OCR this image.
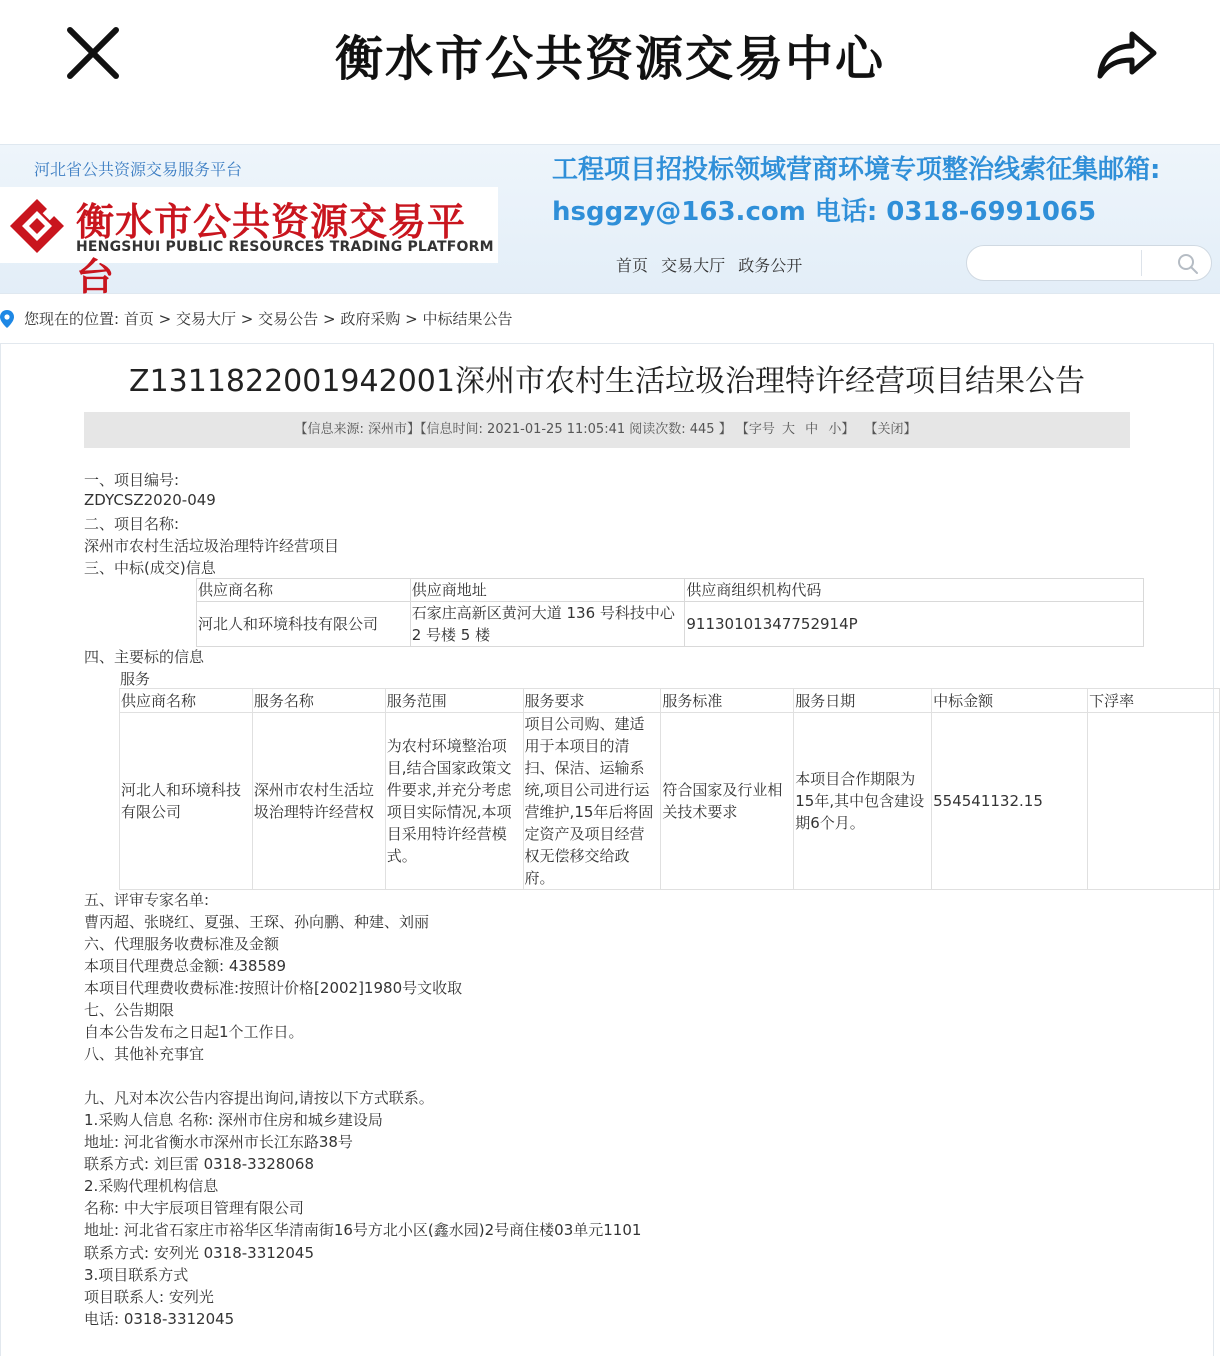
衡水市公共资源交易中心
河北省公共资源交易服务平台
衡水市公共资源交易平台
HENGSHUI PUBLIC RESOURCES TRADING PLATFORM
工程项目招投标领域营商环境专项整治线索征集邮箱:
hsggzy@163.com 电话: 0318-6991065
首页 交易大厅 政务公开
您现在的位置: 首页 > 交易大厅 > 交易公告 > 政府采购 > 中标结果公告
Z1311822001942001深州市农村生活垃圾治理特许经营项目结果公告
【信息来源: 深州市】【信息时间: 2021-01-25 11:05:41 阅读次数: 445 】 【字号 大 中 小】 【关闭】
一、项目编号:
ZDYCSZ2020-049
二、项目名称:
深州市农村生活垃圾治理特许经营项目
三、中标(成交)信息
供应商名称	供应商地址	供应商组织机构代码
河北人和环境科技有限公司	石家庄高新区黄河大道 136 号科技中心 2 号楼 5 楼	91130101347752914P
四、主要标的信息
服务
供应商名称	服务名称	服务范围	服务要求	服务标准	服务日期	中标金额	下浮率
河北人和环境科技有限公司	深州市农村生活垃圾治理特许经营权	为农村环境整治项目,结合国家政策文件要求,并充分考虑项目实际情况,本项目采用特许经营模式。	项目公司购、建适用于本项目的清扫、保洁、运输系统,项目公司进行运营维护,15年后将固定资产及项目经营权无偿移交给政府。	符合国家及行业相关技术要求	本项目合作期限为15年,其中包含建设期6个月。	554541132.15	
五、评审专家名单:
曹丙超、张晓红、夏强、王琛、孙向鹏、种建、刘丽
六、代理服务收费标准及金额
本项目代理费总金额: 438589
本项目代理费收费标准:按照计价格[2002]1980号文收取
七、公告期限
自本公告发布之日起1个工作日。
八、其他补充事宜
九、凡对本次公告内容提出询问,请按以下方式联系。
1.采购人信息 名称: 深州市住房和城乡建设局
地址: 河北省衡水市深州市长江东路38号
联系方式: 刘巨雷 0318-3328068
2.采购代理机构信息
名称: 中大宇辰项目管理有限公司
地址: 河北省石家庄市裕华区华清南街16号方北小区(鑫水园)2号商住楼03单元1101
联系方式: 安列光 0318-3312045
3.项目联系方式
项目联系人: 安列光
电话: 0318-3312045
